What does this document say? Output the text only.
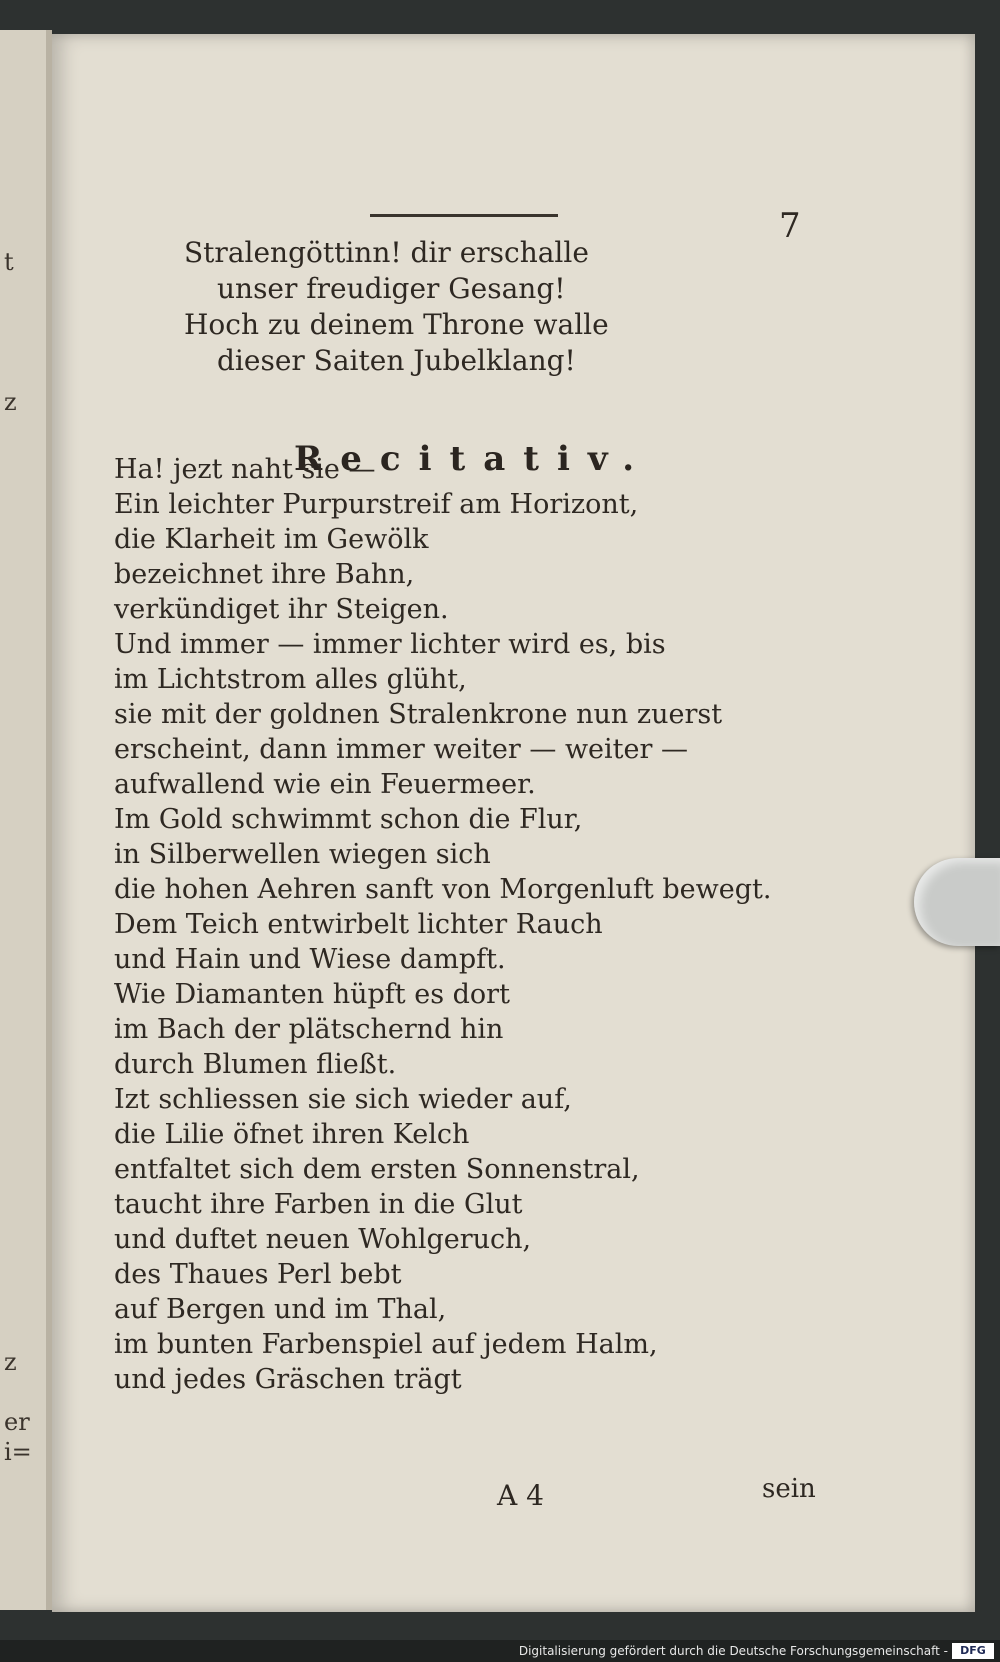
t
z
z
er
i=
7
Stralengöttinn! dir erschalle
unser freudiger Gesang!
Hoch zu deinem Throne walle
dieser Saiten Jubelklang!
Recitativ.
Ha! jezt naht sie —
Ein leichter Purpurstreif am Horizont,
die Klarheit im Gewölk
bezeichnet ihre Bahn,
verkündiget ihr Steigen.
Und immer — immer lichter wird es, bis
im Lichtstrom alles glüht,
sie mit der goldnen Stralenkrone nun zuerst
erscheint, dann immer weiter — weiter —
aufwallend wie ein Feuermeer.
Im Gold schwimmt schon die Flur,
in Silberwellen wiegen sich
die hohen Aehren sanft von Morgenluft bewegt.
Dem Teich entwirbelt lichter Rauch
und Hain und Wiese dampft.
Wie Diamanten hüpft es dort
im Bach der plätschernd hin
durch Blumen fließt.
Izt schliessen sie sich wieder auf,
die Lilie öfnet ihren Kelch
entfaltet sich dem ersten Sonnenstral,
taucht ihre Farben in die Glut
und duftet neuen Wohlgeruch,
des Thaues Perl bebt
auf Bergen und im Thal,
im bunten Farbenspiel auf jedem Halm,
und jedes Gräschen trägt
A 4	sein
Digitalisierung gefördert durch die Deutsche Forschungsgemeinschaft -	DFG
